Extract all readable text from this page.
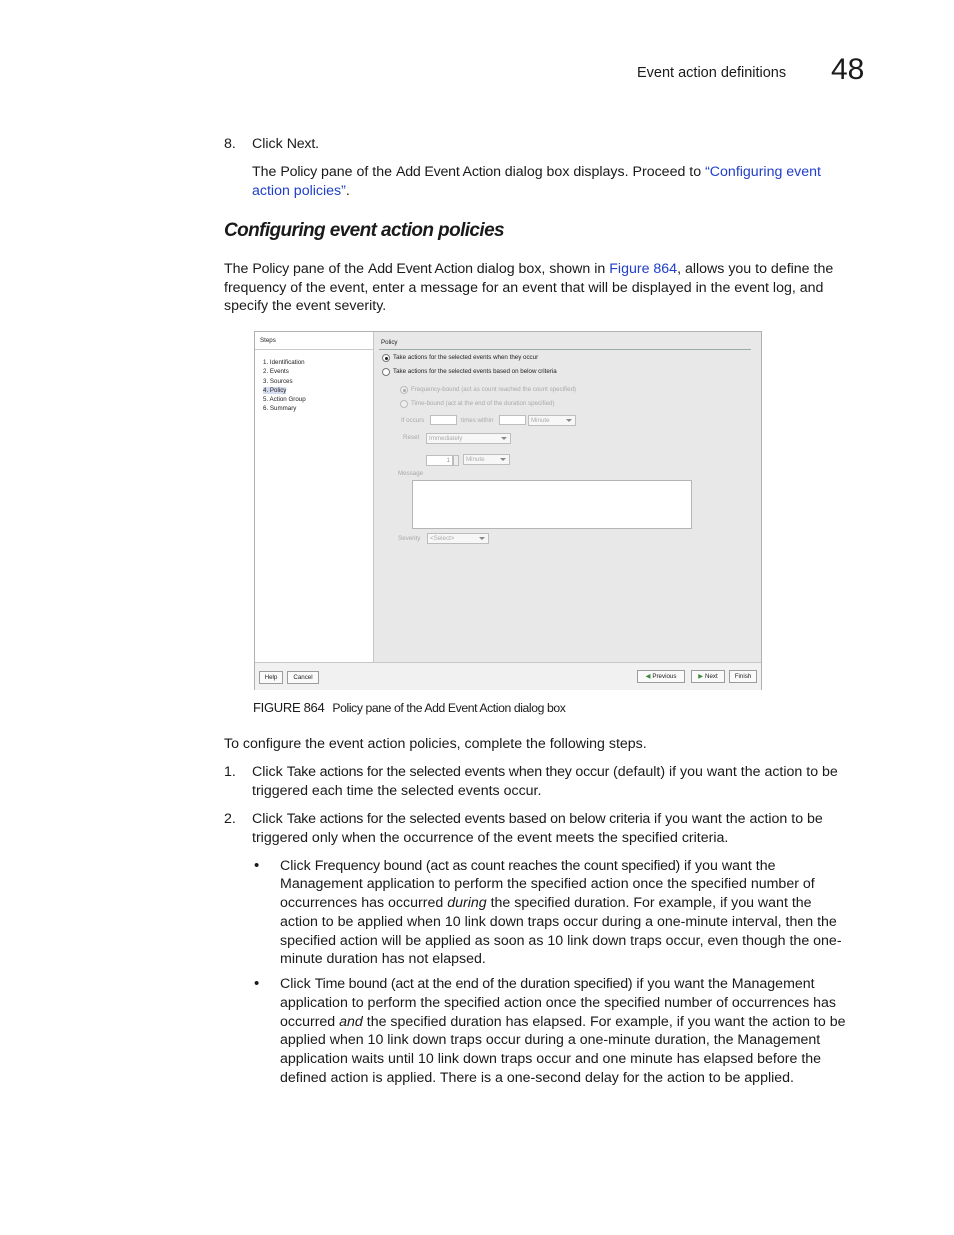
Event action definitions 48
8. Click Next.
The Policy pane of the Add Event Action dialog box displays. Proceed to “Configuring event
action policies”.
Configuring event action policies
The Policy pane of the Add Event Action dialog box, shown in Figure 864, allows you to define the
frequency of the event, enter a message for an event that will be displayed in the event log, and
specify the event severity.
Steps
1. Identification
2. Events
3. Sources
4. Policy
5. Action Group
6. Summary
Policy
Take actions for the selected events when they occur
Take actions for the selected events based on below criteria
Frequency-bound (act as count reached the count specified)
Time-bound (act at the end of the duration specified)
If occurs	times within	Minute
Reset	Immediately
1	Minute
Message
Severity	<Select>
Help	Cancel	◀ Previous	▶ Next	Finish
FIGURE 864 Policy pane of the Add Event Action dialog box
To configure the event action policies, complete the following steps.
1. Click Take actions for the selected events when they occur (default) if you want the action to be
triggered each time the selected events occur.
2. Click Take actions for the selected events based on below criteria if you want the action to be
triggered only when the occurrence of the event meets the specified criteria.
• Click Frequency bound (act as count reaches the count specified) if you want the
Management application to perform the specified action once the specified number of
occurrences has occurred during the specified duration. For example, if you want the
action to be applied when 10 link down traps occur during a one-minute interval, then the
specified action will be applied as soon as 10 link down traps occur, even though the one-
minute duration has not elapsed.
• Click Time bound (act at the end of the duration specified) if you want the Management
application to perform the specified action once the specified number of occurrences has
occurred and the specified duration has elapsed. For example, if you want the action to be
applied when 10 link down traps occur during a one-minute duration, the Management
application waits until 10 link down traps occur and one minute has elapsed before the
defined action is applied. There is a one-second delay for the action to be applied.
